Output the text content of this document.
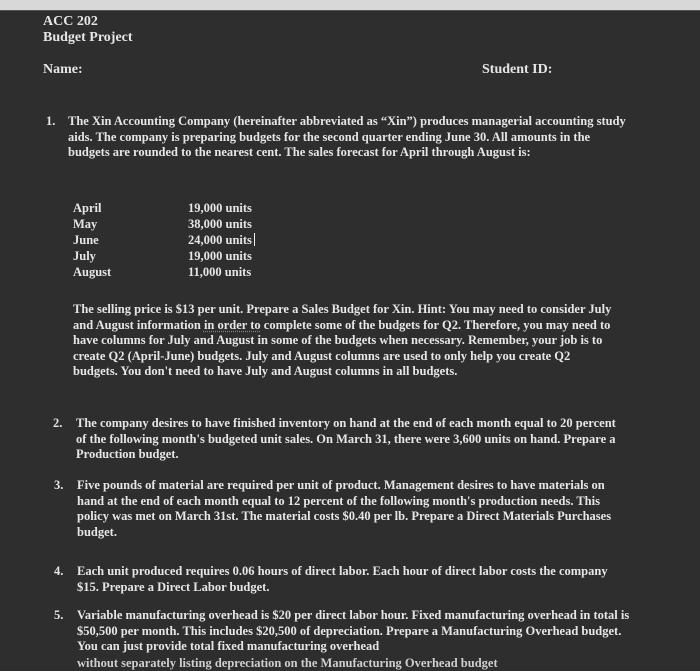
ACC 202
Budget Project
Name:	Student ID:
1. The Xin Accounting Company (hereinafter abbreviated as “Xin”) produces managerial accounting study aids. The company is preparing budgets for the second quarter ending June 30. All amounts in the budgets are rounded to the nearest cent. The sales forecast for April through August is:
April	19,000 units
May	38,000 units
June	24,000 units
July	19,000 units
August	11,000 units
The selling price is $13 per unit. Prepare a Sales Budget for Xin. Hint: You may need to consider July and August information in order to complete some of the budgets for Q2. Therefore, you may need to have columns for July and August in some of the budgets when necessary. Remember, your job is to create Q2 (April-June) budgets. July and August columns are used to only help you create Q2 budgets. You don't need to have July and August columns in all budgets.
2. The company desires to have finished inventory on hand at the end of each month equal to 20 percent of the following month's budgeted unit sales. On March 31, there were 3,600 units on hand. Prepare a Production budget.
3. Five pounds of material are required per unit of product. Management desires to have materials on hand at the end of each month equal to 12 percent of the following month's production needs. This policy was met on March 31st. The material costs $0.40 per lb. Prepare a Direct Materials Purchases budget.
4. Each unit produced requires 0.06 hours of direct labor. Each hour of direct labor costs the company $15. Prepare a Direct Labor budget.
5. Variable manufacturing overhead is $20 per direct labor hour. Fixed manufacturing overhead in total is $50,500 per month. This includes $20,500 of depreciation. Prepare a Manufacturing Overhead budget. You can just provide total fixed manufacturing overhead
without separately listing depreciation on the Manufacturing Overhead budget
